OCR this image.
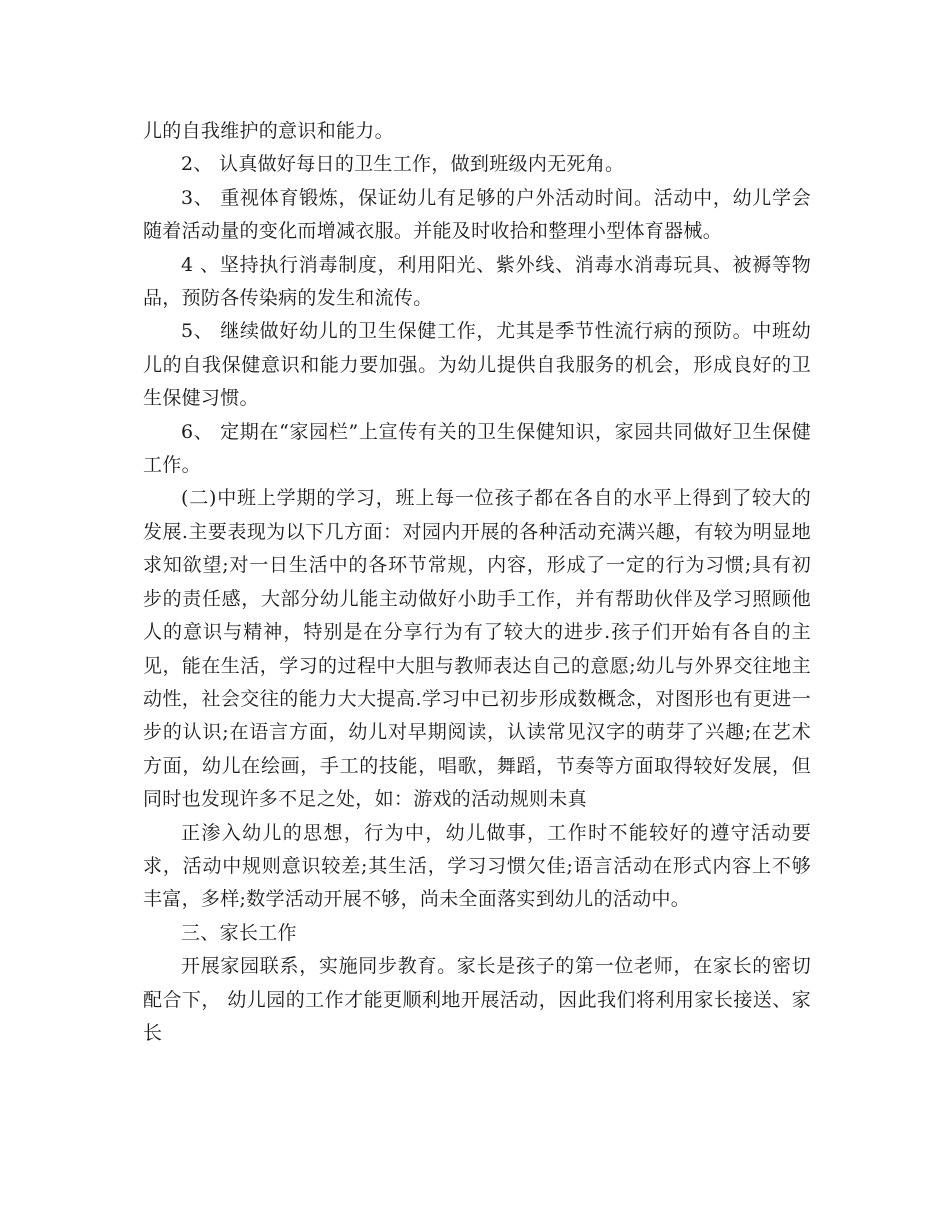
儿的自我维护的意识和能力。

2、 认真做好每日的卫生工作，做到班级内无死角。

3、 重视体育锻炼，保证幼儿有足够的户外活动时间。活动中，幼儿学会随着活动量的变化而增减衣服。并能及时收拾和整理小型体育器械。

4 、坚持执行消毒制度，利用阳光、紫外线、消毒水消毒玩具、被褥等物品，预防各传染病的发生和流传。

5、 继续做好幼儿的卫生保健工作，尤其是季节性流行病的预防。中班幼儿的自我保健意识和能力要加强。为幼儿提供自我服务的机会，形成良好的卫生保健习惯。

6、 定期在“家园栏”上宣传有关的卫生保健知识，家园共同做好卫生保健工作。

(二)中班上学期的学习，班上每一位孩子都在各自的水平上得到了较大的发展.主要表现为以下几方面：对园内开展的各种活动充满兴趣，有较为明显地求知欲望;对一日生活中的各环节常规，内容，形成了一定的行为习惯;具有初步的责任感，大部分幼儿能主动做好小助手工作，并有帮助伙伴及学习照顾他人的意识与精神，特别是在分享行为有了较大的进步.孩子们开始有各自的主见，能在生活，学习的过程中大胆与教师表达自己的意愿;幼儿与外界交往地主动性，社会交往的能力大大提高.学习中已初步形成数概念，对图形也有更进一步的认识;在语言方面，幼儿对早期阅读，认读常见汉字的萌芽了兴趣;在艺术方面，幼儿在绘画，手工的技能，唱歌，舞蹈，节奏等方面取得较好发展，但同时也发现许多不足之处，如：游戏的活动规则未真

正渗入幼儿的思想，行为中，幼儿做事，工作时不能较好的遵守活动要求，活动中规则意识较差;其生活，学习习惯欠佳;语言活动在形式内容上不够丰富，多样;数学活动开展不够，尚未全面落实到幼儿的活动中。

三、家长工作

开展家园联系，实施同步教育。家长是孩子的第一位老师，在家长的密切配合下， 幼儿园的工作才能更顺利地开展活动，因此我们将利用家长接送、家长
